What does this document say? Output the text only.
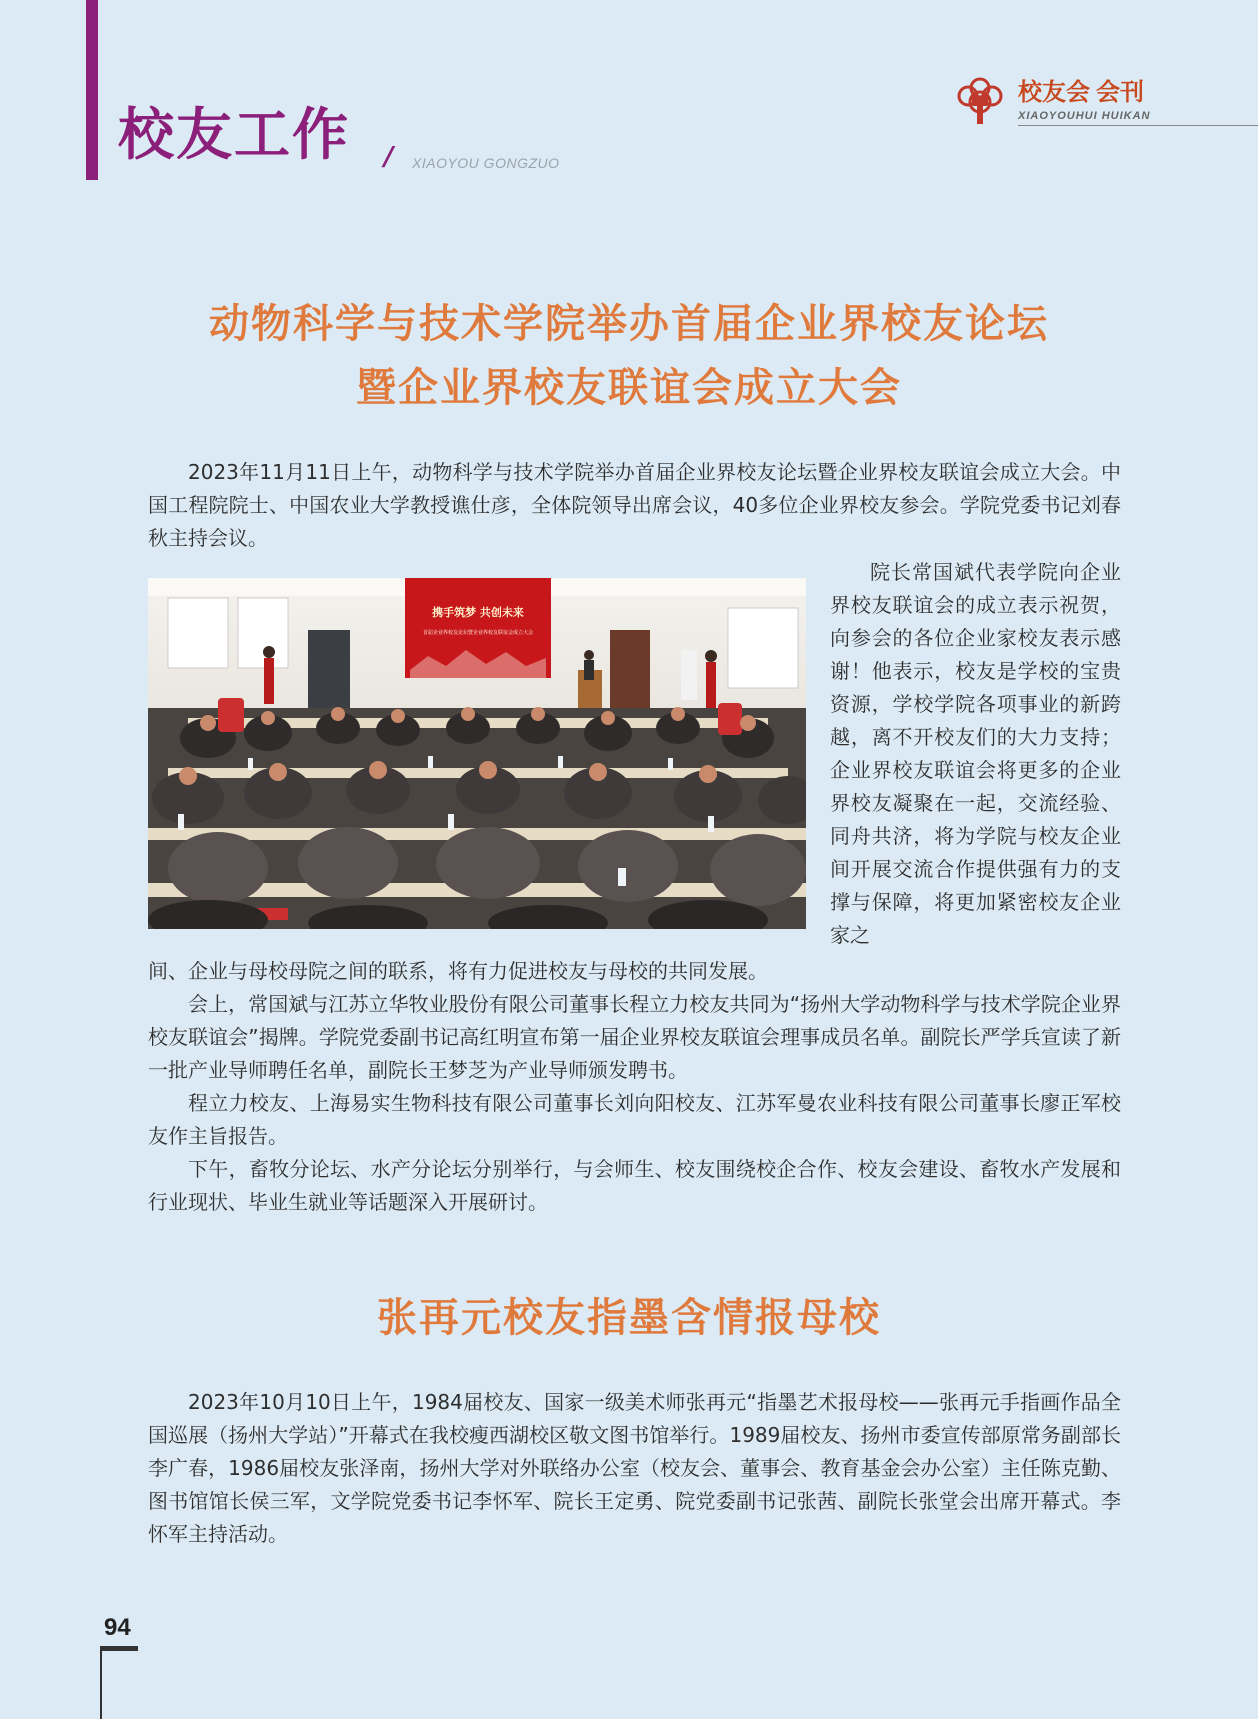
校友工作 / XIAOYOU GONGZUO
校友会 会刊
XIAOYOUHUI HUIKAN
动物科学与技术学院举办首届企业界校友论坛
暨企业界校友联谊会成立大会

2023年11月11日上午，动物科学与技术学院举办首届企业界校友论坛暨企业界校友联谊会成立大会。中国工程院院士、中国农业大学教授谯仕彦，全体院领导出席会议，40多位企业界校友参会。学院党委书记刘春秋主持会议。

携手筑梦 共创未来
首届企业界校友论坛暨企业界校友联谊会成立大会

院长常国斌代表学院向企业界校友联谊会的成立表示祝贺，向参会的各位企业家校友表示感谢！他表示，校友是学校的宝贵资源，学校学院各项事业的新跨越，离不开校友们的大力支持；企业界校友联谊会将更多的企业界校友凝聚在一起，交流经验、同舟共济，将为学院与校友企业间开展交流合作提供强有力的支撑与保障，将更加紧密校友企业家之

间、企业与母校母院之间的联系，将有力促进校友与母校的共同发展。

会上，常国斌与江苏立华牧业股份有限公司董事长程立力校友共同为“扬州大学动物科学与技术学院企业界校友联谊会”揭牌。学院党委副书记高红明宣布第一届企业界校友联谊会理事成员名单。副院长严学兵宣读了新一批产业导师聘任名单，副院长王梦芝为产业导师颁发聘书。

程立力校友、上海易实生物科技有限公司董事长刘向阳校友、江苏军曼农业科技有限公司董事长廖正军校友作主旨报告。

下午，畜牧分论坛、水产分论坛分别举行，与会师生、校友围绕校企合作、校友会建设、畜牧水产发展和行业现状、毕业生就业等话题深入开展研讨。

张再元校友指墨含情报母校

2023年10月10日上午，1984届校友、国家一级美术师张再元“指墨艺术报母校——张再元手指画作品全国巡展（扬州大学站）”开幕式在我校瘦西湖校区敬文图书馆举行。1989届校友、扬州市委宣传部原常务副部长李广春，1986届校友张泽南，扬州大学对外联络办公室（校友会、董事会、教育基金会办公室）主任陈克勤、图书馆馆长侯三军，文学院党委书记李怀军、院长王定勇、院党委副书记张茜、副院长张堂会出席开幕式。李怀军主持活动。

94
